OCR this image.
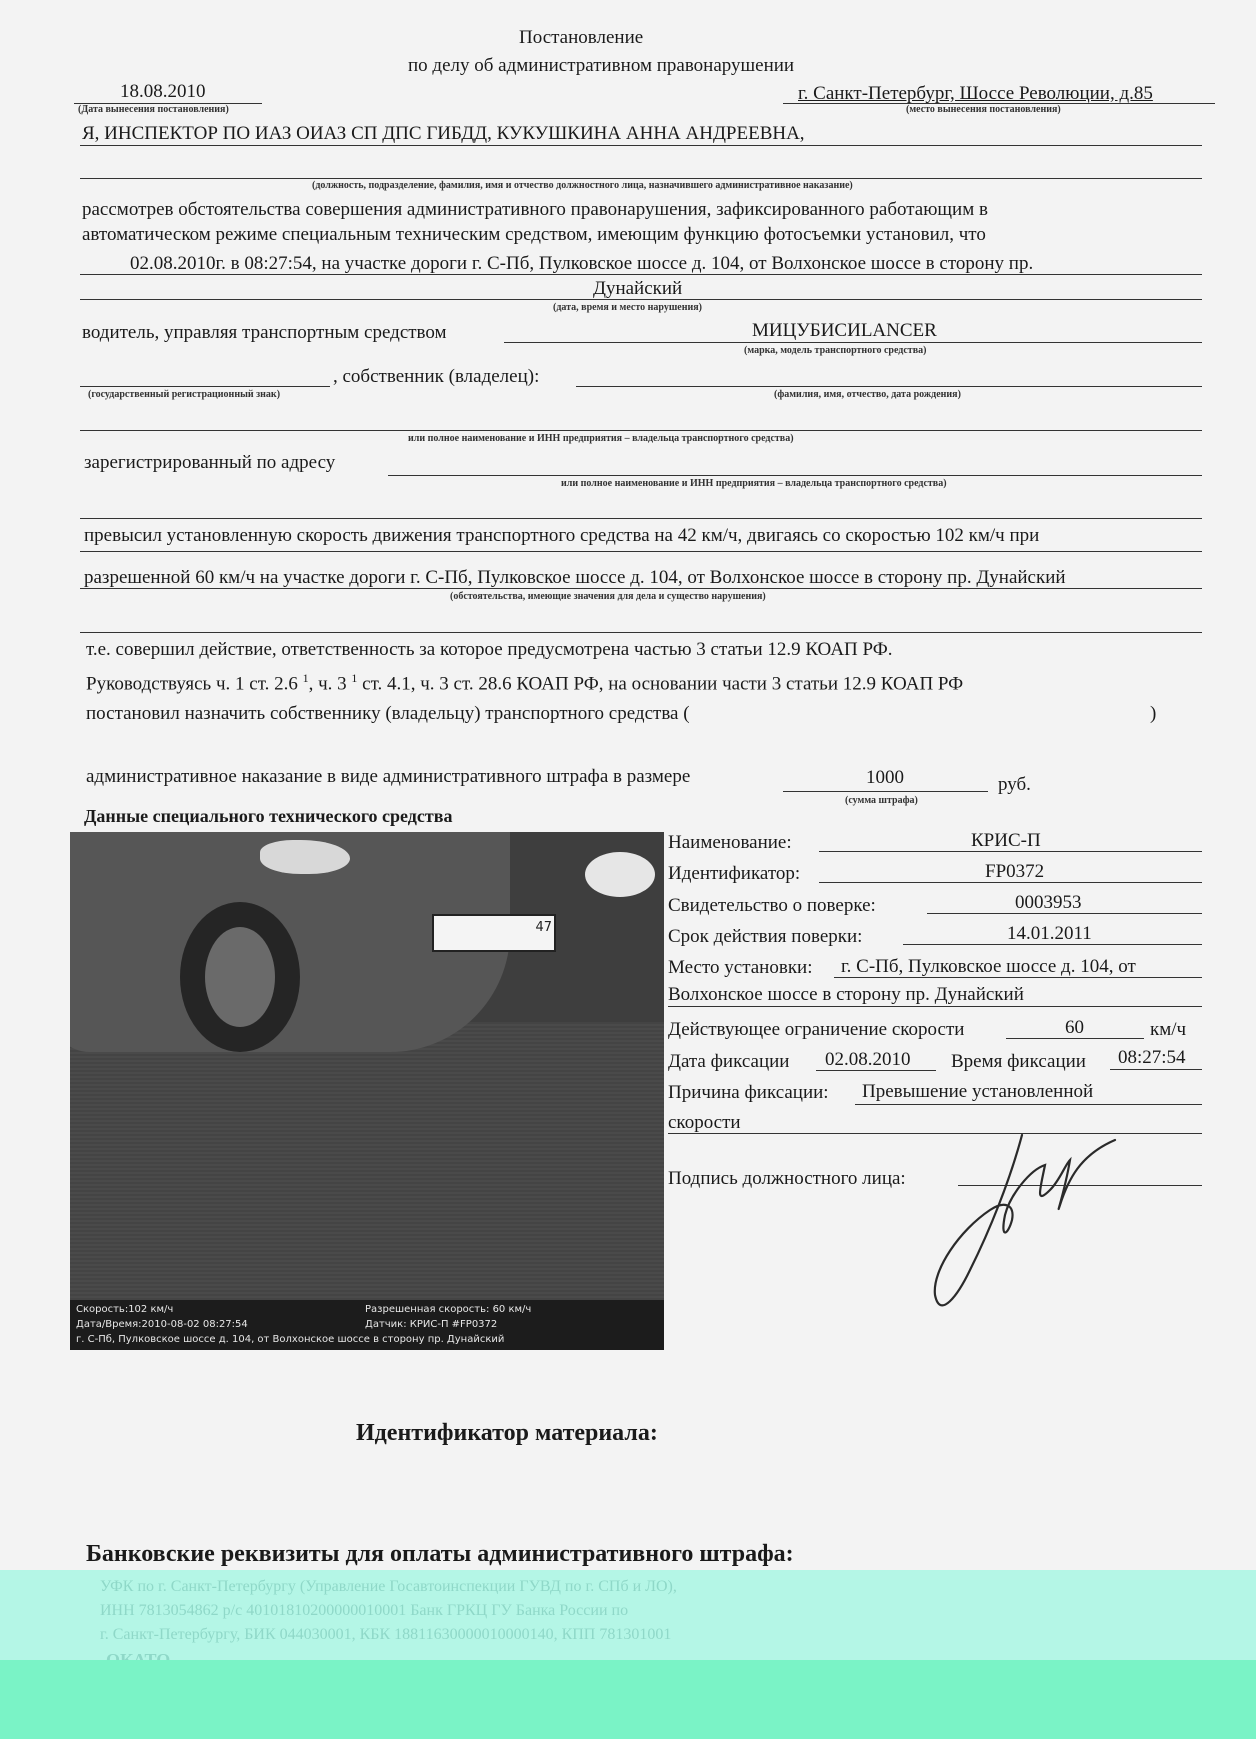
Постановление
по делу об административном правонарушении
18.08.2010
(Дата вынесения постановления)
г. Санкт-Петербург, Шоссе Революции, д.85
(место вынесения постановления)
Я, ИНСПЕКТОР ПО ИАЗ ОИАЗ СП ДПС ГИБДД, КУКУШКИНА АННА АНДРЕЕВНА,
(должность, подразделение, фамилия, имя и отчество должностного лица, назначившего административное наказание)
рассмотрев обстоятельства совершения административного правонарушения, зафиксированного работающим в
автоматическом режиме специальным техническим средством, имеющим функцию фотосъемки установил, что
02.08.2010г. в 08:27:54, на участке дороги г. С-Пб, Пулковское шоссе д. 104, от Волхонское шоссе в сторону пр.
Дунайский
(дата, время и место нарушения)
водитель, управляя транспортным средством	МИЦУБИСИLANCER
(марка, модель транспортного средства)
, собственник (владелец):
(государственный регистрационный знак)	(фамилия, имя, отчество, дата рождения)
или полное наименование и ИНН предприятия – владельца транспортного средства)
зарегистрированный по адресу
или полное наименование и ИНН предприятия – владельца транспортного средства)
превысил установленную скорость движения транспортного средства на 42 км/ч, двигаясь со скоростью 102 км/ч при
разрешенной 60 км/ч на участке дороги г. С-Пб, Пулковское шоссе д. 104, от Волхонское шоссе в сторону пр. Дунайский
(обстоятельства, имеющие значения для дела и существо нарушения)
т.е. совершил действие, ответственность за которое предусмотрена частью 3 статьи 12.9 КОАП РФ.
Руководствуясь ч. 1 ст. 2.6 $^1$, ч. 3 $^1$ ст. 4.1, ч. 3 ст. 28.6 КОАП РФ, на основании части 3 статьи 12.9 КОАП РФ
постановил назначить собственнику (владельцу) транспортного средства (	)
административное наказание в виде административного штрафа в размере	1000
(сумма штрафа)
руб.
Данные специального технического средства
47
Скорость:102 км/ч
Дата/Время:2010-08-02 08:27:54
г. С-Пб, Пулковское шоссе д. 104, от Волхонское шоссе в сторону пр. Дунайский
Разрешенная скорость: 60 км/ч
Датчик: КРИС-П #FP0372
Наименование:	КРИС-П
Идентификатор:	FP0372
Свидетельство о поверке:	0003953
Срок действия поверки:	14.01.2011
Место установки: г. С-Пб, Пулковское шоссе д. 104, от
Волхонское шоссе в сторону пр. Дунайский
Действующее ограничение скорости	60	км/ч
Дата фиксации 02.08.2010 Время фиксации 08:27:54
Причина фиксации: Превышение установленной
скорости
Подпись должностного лица:
Идентификатор материала:
Банковские реквизиты для оплаты административного штрафа:
УФК по г. Санкт-Петербургу (Управление Госавтоинспекции ГУВД по г. СПб и ЛО),
ИНН 7813054862 р/с 40101810200000010001 Банк ГРКЦ ГУ Банка России по
г. Санкт-Петербургу, БИК 044030001, КБК 18811630000010000140, КПП 781301001
